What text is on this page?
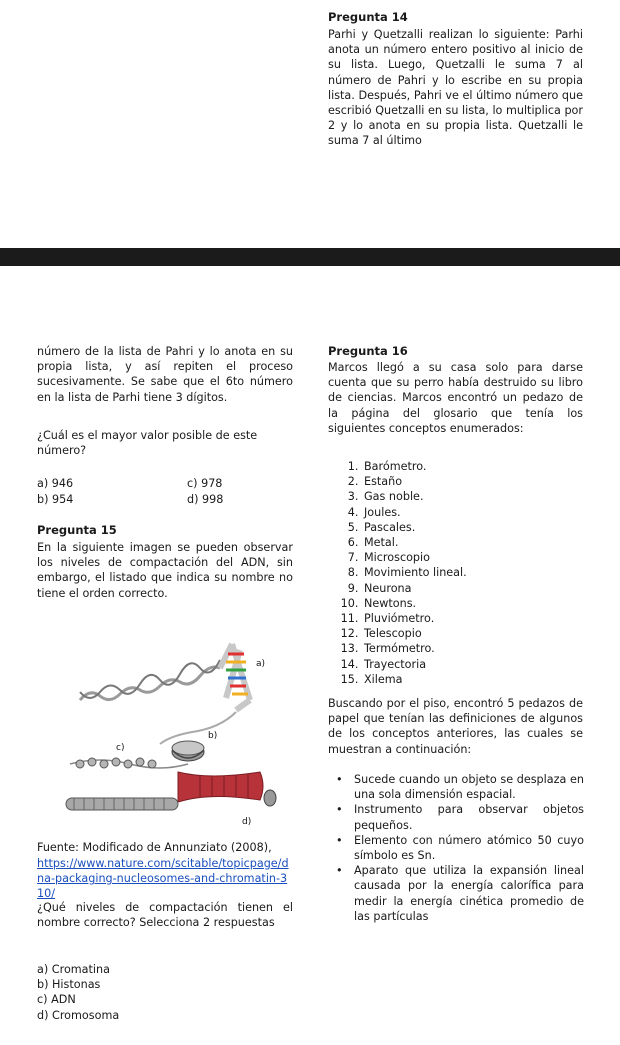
Pregunta 14
Parhi y Quetzalli realizan lo siguiente: Parhi anota un número entero positivo al inicio de su lista. Luego, Quetzalli le suma 7 al número de Pahri y lo escribe en su propia lista. Después, Pahri ve el último número que escribió Quetzalli en su lista, lo multiplica por 2 y lo anota en su propia lista. Quetzalli le suma 7 al último
número de la lista de Pahri y lo anota en su propia lista, y así repiten el proceso sucesivamente. Se sabe que el 6to número en la lista de Parhi tiene 3 dígitos.
¿Cuál es el mayor valor posible de este número?
a) 946	c) 978
b) 954	d) 998
Pregunta 15
En la siguiente imagen se pueden observar los niveles de compactación del ADN, sin embargo, el listado que indica su nombre no tiene el orden correcto.
a)
b)
c)
d)
Fuente: Modificado de Annunziato (2008),
https://www.nature.com/scitable/topicpage/dna-packaging-nucleosomes-and-chromatin-310/
¿Qué niveles de compactación tienen el nombre correcto? Selecciona 2 respuestas
a) Cromatina
b) Histonas
c) ADN
d) Cromosoma
Pregunta 16
Marcos llegó a su casa solo para darse cuenta que su perro había destruido su libro de ciencias. Marcos encontró un pedazo de la página del glosario que tenía los siguientes conceptos enumerados:
1. Barómetro.
2. Estaño
3. Gas noble.
4. Joules.
5. Pascales.
6. Metal.
7. Microscopio
8. Movimiento lineal.
9. Neurona
10. Newtons.
11. Pluviómetro.
12. Telescopio
13. Termómetro.
14. Trayectoria
15. Xilema
Buscando por el piso, encontró 5 pedazos de papel que tenían las definiciones de algunos de los conceptos anteriores, las cuales se muestran a continuación:
• Sucede cuando un objeto se desplaza en una sola dimensión espacial.
• Instrumento para observar objetos pequeños.
• Elemento con número atómico 50 cuyo símbolo es Sn.
• Aparato que utiliza la expansión lineal causada por la energía calorífica para medir la energía cinética promedio de las partículas
